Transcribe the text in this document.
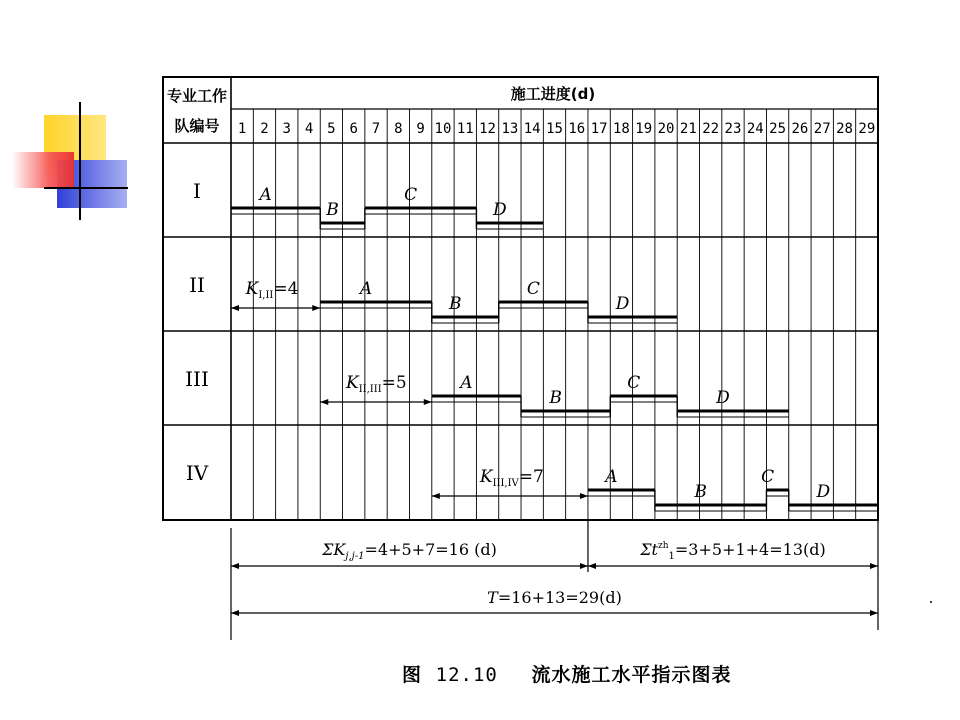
专业工作
队编号
施工进度(d)
1 2 3 4 5 6 7 8 9 10 11 12 13 14 15 16 17 18 19 20 21 22 23 24 25 26 27 28 29
I
II
III
IV
A
B
C
D
A
B
C
D
$K_{I,II}=4$
A
B
C
D
$K_{II,III}=5$
A
B
C
D
$K_{III,IV}=7$
$\Sigma K_{j,j-1}=4+5+7=16$ (d)	$\Sigma t^{zh}_1=3+5+1+4=13(d)$
T=16+13=29(d)
图 12.10 流水施工水平指示图表
